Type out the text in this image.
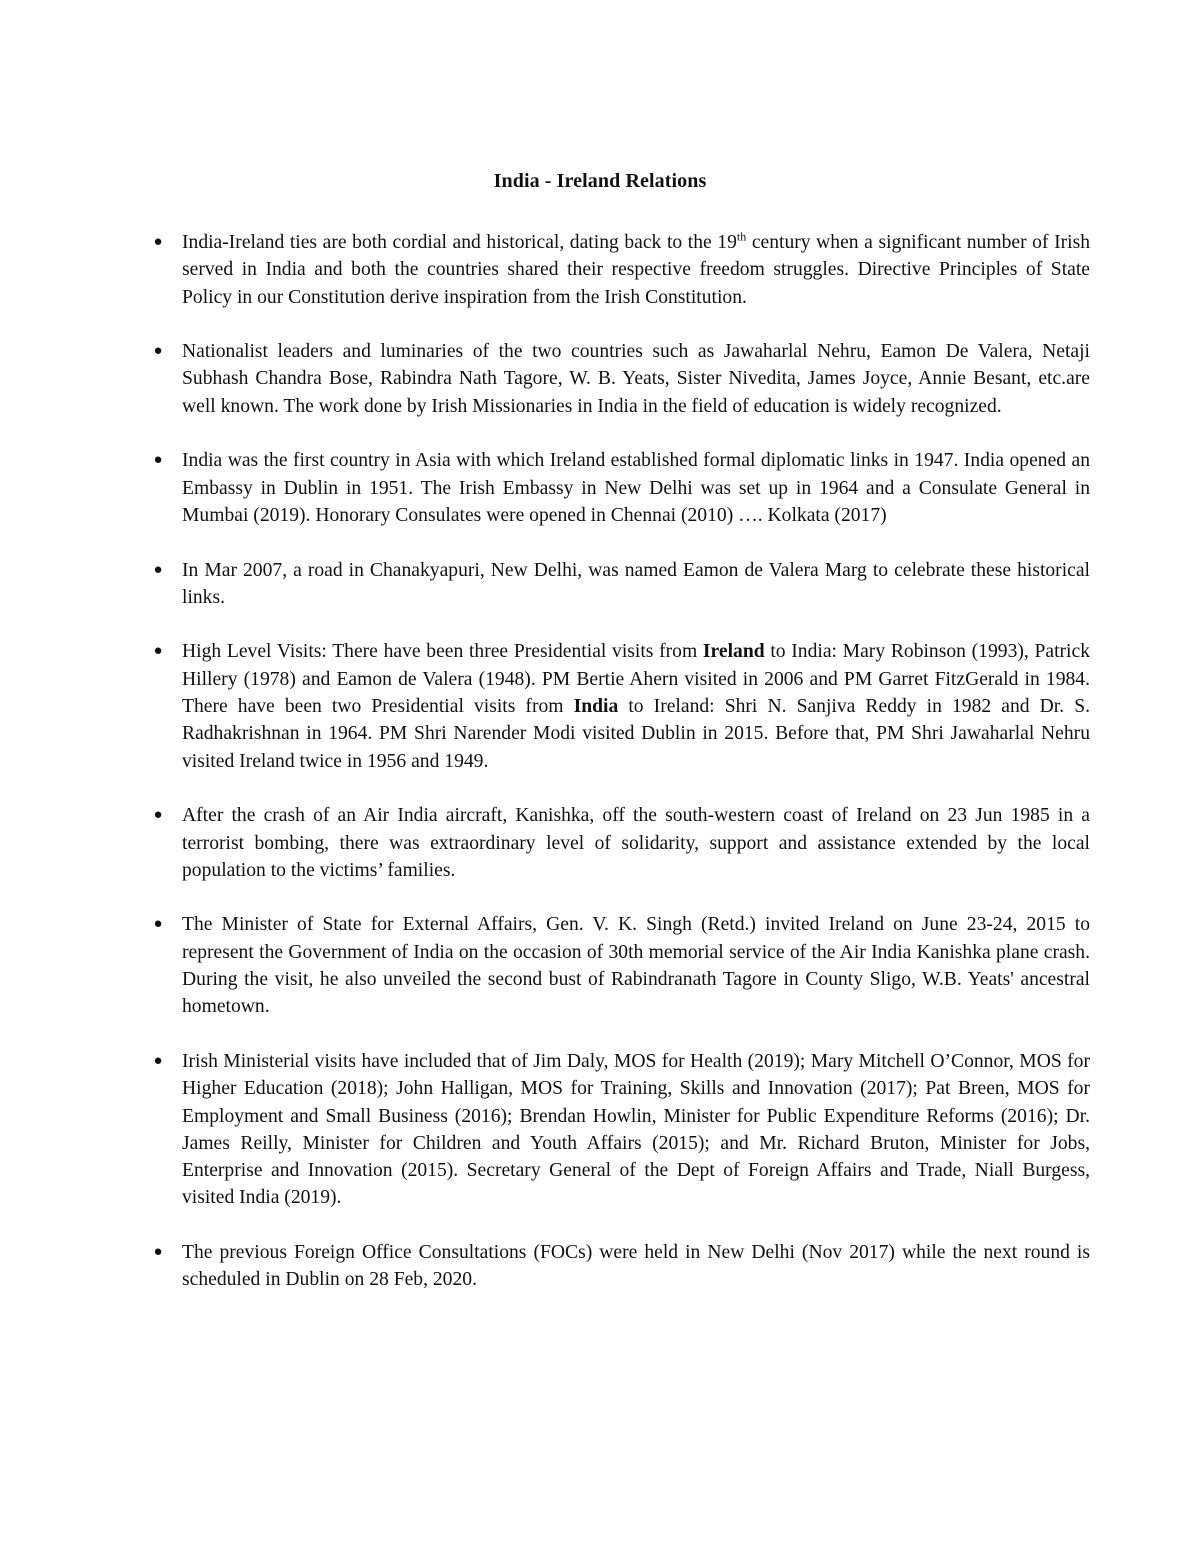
India - Ireland Relations
● India-Ireland ties are both cordial and historical, dating back to the 19th century when a significant number of Irish served in India and both the countries shared their respective freedom struggles. Directive Principles of State Policy in our Constitution derive inspiration from the Irish Constitution.
● Nationalist leaders and luminaries of the two countries such as Jawaharlal Nehru, Eamon De Valera, Netaji Subhash Chandra Bose, Rabindra Nath Tagore, W. B. Yeats, Sister Nivedita, James Joyce, Annie Besant, etc.are well known. The work done by Irish Missionaries in India in the field of education is widely recognized.
● India was the first country in Asia with which Ireland established formal diplomatic links in 1947. India opened an Embassy in Dublin in 1951. The Irish Embassy in New Delhi was set up in 1964 and a Consulate General in Mumbai (2019). Honorary Consulates were opened in Chennai (2010) …. Kolkata (2017)
● In Mar 2007, a road in Chanakyapuri, New Delhi, was named Eamon de Valera Marg to celebrate these historical links.
● High Level Visits: There have been three Presidential visits from Ireland to India: Mary Robinson (1993), Patrick Hillery (1978) and Eamon de Valera (1948). PM Bertie Ahern visited in 2006 and PM Garret FitzGerald in 1984. There have been two Presidential visits from India to Ireland: Shri N. Sanjiva Reddy in 1982 and Dr. S. Radhakrishnan in 1964. PM Shri Narender Modi visited Dublin in 2015. Before that, PM Shri Jawaharlal Nehru visited Ireland twice in 1956 and 1949.
● After the crash of an Air India aircraft, Kanishka, off the south-western coast of Ireland on 23 Jun 1985 in a terrorist bombing, there was extraordinary level of solidarity, support and assistance extended by the local population to the victims’ families.
● The Minister of State for External Affairs, Gen. V. K. Singh (Retd.) invited Ireland on June 23-24, 2015 to represent the Government of India on the occasion of 30th memorial service of the Air India Kanishka plane crash. During the visit, he also unveiled the second bust of Rabindranath Tagore in County Sligo, W.B. Yeats' ancestral hometown.
● Irish Ministerial visits have included that of Jim Daly, MOS for Health (2019); Mary Mitchell O’Connor, MOS for Higher Education (2018); John Halligan, MOS for Training, Skills and Innovation (2017); Pat Breen, MOS for Employment and Small Business (2016); Brendan Howlin, Minister for Public Expenditure Reforms (2016); Dr. James Reilly, Minister for Children and Youth Affairs (2015); and Mr. Richard Bruton, Minister for Jobs, Enterprise and Innovation (2015). Secretary General of the Dept of Foreign Affairs and Trade, Niall Burgess, visited India (2019).
● The previous Foreign Office Consultations (FOCs) were held in New Delhi (Nov 2017) while the next round is scheduled in Dublin on 28 Feb, 2020.
